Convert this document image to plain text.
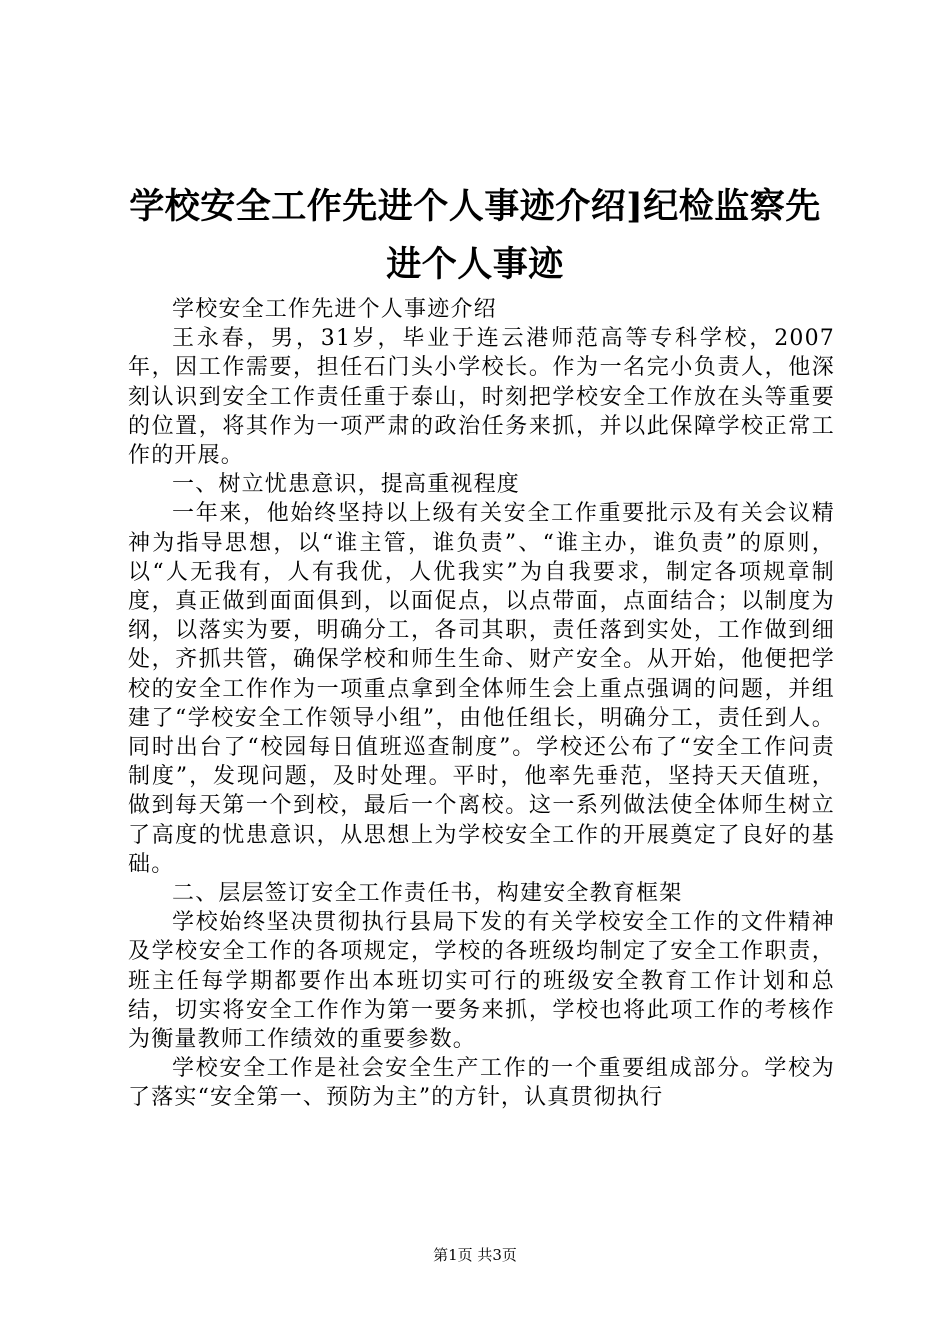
学校安全工作先进个人事迹介绍]纪检监察先进个人事迹

学校安全工作先进个人事迹介绍

王永春，男，31岁，毕业于连云港师范高等专科学校，2007年，因工作需要，担任石门头小学校长。作为一名完小负责人，他深刻认识到安全工作责任重于泰山，时刻把学校安全工作放在头等重要的位置，将其作为一项严肃的政治任务来抓，并以此保障学校正常工作的开展。

一、树立忧患意识，提高重视程度

一年来，他始终坚持以上级有关安全工作重要批示及有关会议精神为指导思想，以“谁主管，谁负责”、“谁主办，谁负责”的原则，以“人无我有，人有我优，人优我实”为自我要求，制定各项规章制度，真正做到面面俱到，以面促点，以点带面，点面结合；以制度为纲，以落实为要，明确分工，各司其职，责任落到实处，工作做到细处，齐抓共管，确保学校和师生生命、财产安全。从开始，他便把学校的安全工作作为一项重点拿到全体师生会上重点强调的问题，并组建了“学校安全工作领导小组”，由他任组长，明确分工，责任到人。同时出台了“校园每日值班巡查制度”。学校还公布了“安全工作问责制度”，发现问题，及时处理。平时，他率先垂范，坚持天天值班，做到每天第一个到校，最后一个离校。这一系列做法使全体师生树立了高度的忧患意识，从思想上为学校安全工作的开展奠定了良好的基础。

二、层层签订安全工作责任书，构建安全教育框架

学校始终坚决贯彻执行县局下发的有关学校安全工作的文件精神及学校安全工作的各项规定，学校的各班级均制定了安全工作职责，班主任每学期都要作出本班切实可行的班级安全教育工作计划和总结，切实将安全工作作为第一要务来抓，学校也将此项工作的考核作为衡量教师工作绩效的重要参数。

学校安全工作是社会安全生产工作的一个重要组成部分。学校为了落实“安全第一、预防为主”的方针，认真贯彻执行

第1页 共3页
